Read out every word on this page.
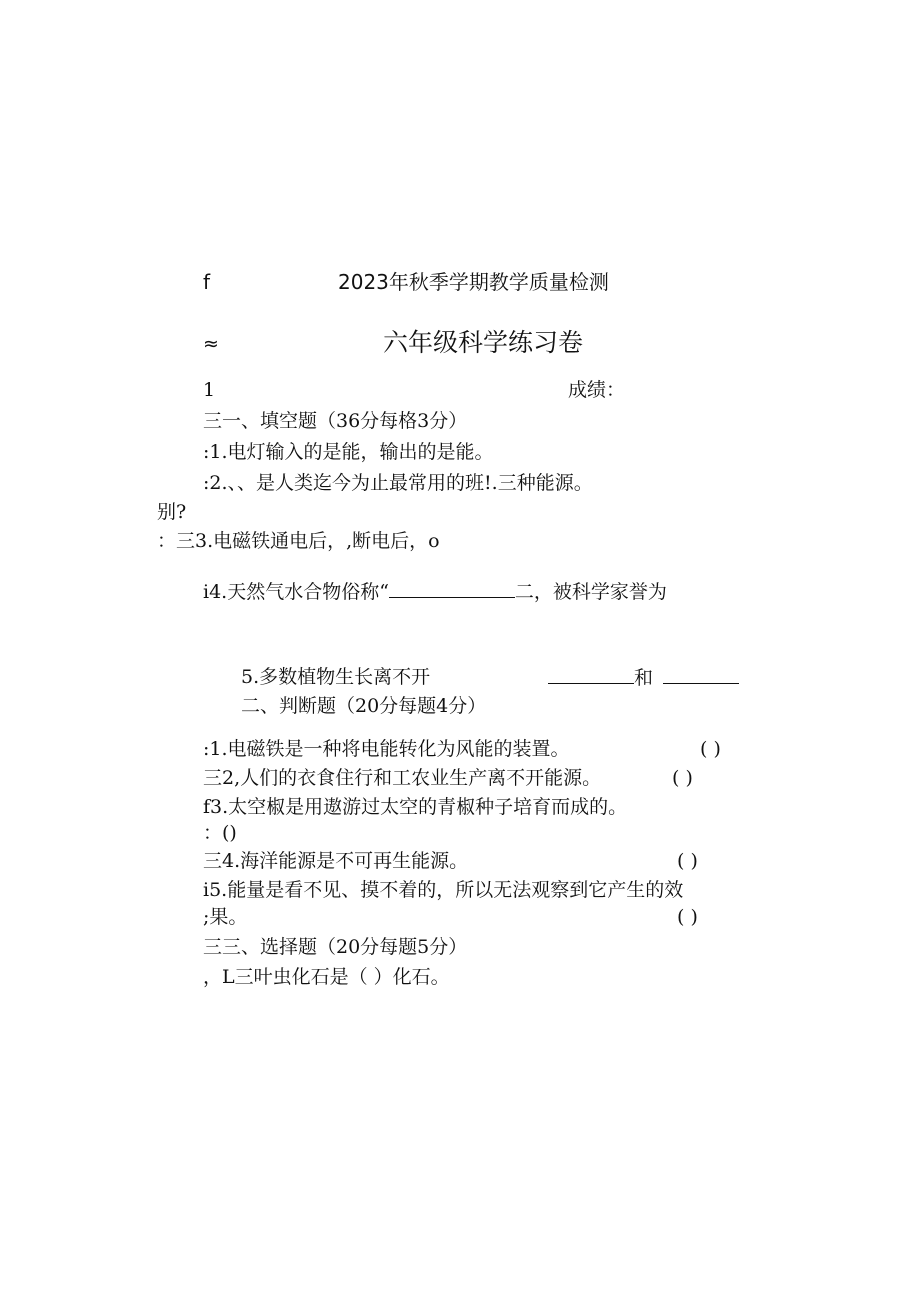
f	2023年秋季学期教学质量检测
≈	六年级科学练习卷
1	成绩：
三一、填空题（36分每格3分）
:1.电灯输入的是能，输出的是能。
:2.、、是人类迄今为止最常用的班!.三种能源。
别?
：三3.电磁铁通电后，,断电后，o
i4.天然气水合物俗称“	二，被科学家誉为
5.多数植物生长离不开	和
二、判断题（20分每题4分）
:1.电磁铁是一种将电能转化为风能的装置。	( )
三2,人们的衣食住行和工农业生产离不开能源。	( )
f3.太空椒是用遨游过太空的青椒种子培育而成的。
：()
三4.海洋能源是不可再生能源。	( )
i5.能量是看不见、摸不着的，所以无法观察到它产生的效
;果。	( )
三三、选择题（20分每题5分）
，L三叶虫化石是（ ）化石。
